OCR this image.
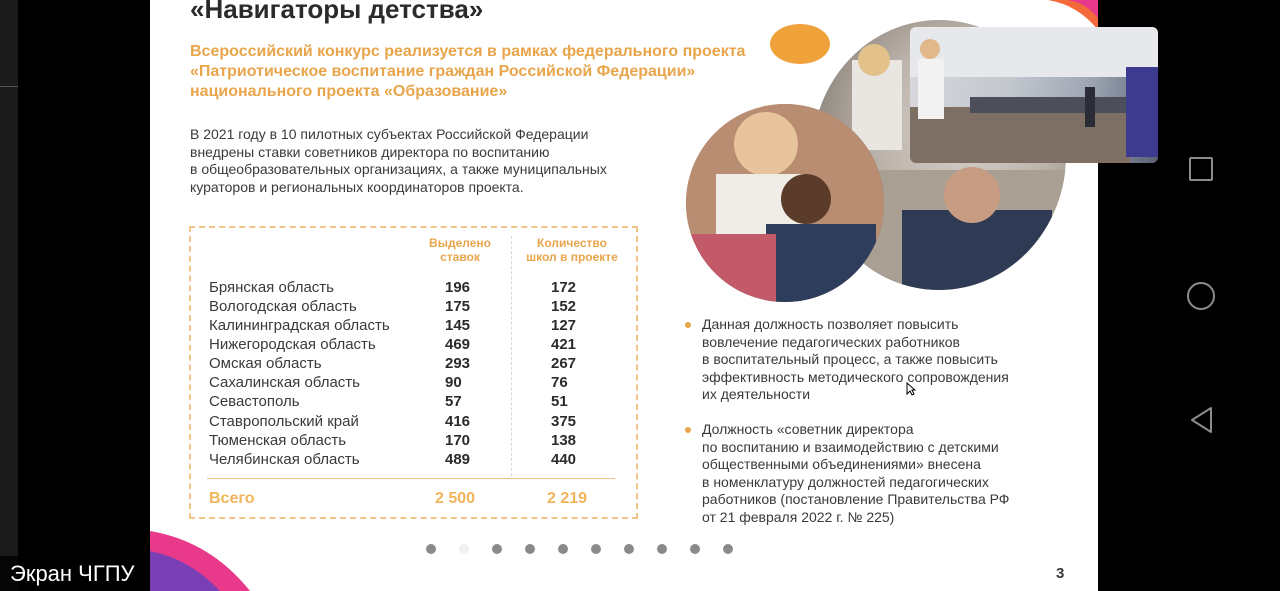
«Навигаторы детства»
Всероссийский конкурс реализуется в рамках федерального проекта
«Патриотическое воспитание граждан Российской Федерации»
национального проекта «Образование»
В 2021 году в 10 пилотных субъектах Российской Федерации
внедрены ставки советников директора по воспитанию
в общеобразовательных организациях, а также муниципальных
кураторов и региональных координаторов проекта.
Выделено
ставок
Количество
школ в проекте
Брянская область	196	172
Вологодская область	175	152
Калининградская область	145	127
Нижегородская область	469	421
Омская область	293	267
Сахалинская область	90	76
Севастополь	57	51
Ставропольский край	416	375
Тюменская область	170	138
Челябинская область	489	440
Всего	2 500	2 219
Данная должность позволяет повысить
вовлечение педагогических работников
в воспитательный процесс, а также повысить
эффективность методического сопровождения
их деятельности
Должность «советник директора
по воспитанию и взаимодействию с детскими
общественными объединениями» внесена
в номенклатуру должностей педагогических
работников (постановление Правительства РФ
от 21 февраля 2022 г. № 225)
3
Экран ЧГПУ
